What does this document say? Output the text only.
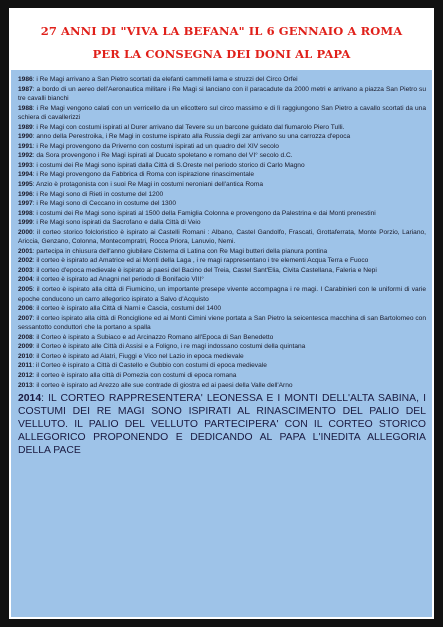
27 ANNI DI "VIVA LA BEFANA" IL 6 GENNAIO A ROMA
PER LA CONSEGNA DEI DONI AL PAPA

1986: i Re Magi arrivano a San Pietro scortati da elefanti cammelli lama e struzzi del Circo Orfei

1987: a bordo di un aereo dell'Aeronautica militare i Re Magi si lanciano con il paracadute da 2000 metri e arrivano a piazza San Pietro su tre cavalli bianchi

1988: i Re Magi vengono calati con un verricello da un elicottero sul circo massimo e di lì raggiungono San Pietro a cavallo scortati da una schiera di cavallerizzi

1989: i Re Magi con costumi ispirati al Durer arrivano dal Tevere su un barcone guidato dal fiumarolo Piero Tulli.

1990: anno della Perestroika, i Re Magi in costume ispirato alla Russia degli zar arrivano su una carrozza d'epoca

1991: i Re Magi provengono da Priverno con costumi ispirati ad un quadro del XIV secolo

1992: da Sora provengono i Re Magi ispirati al Ducato spoletano e romano del VI° secolo d.C.

1993: i costumi dei Re Magi sono ispirati dalla Città di S.Oreste nel periodo storico di Carlo Magno

1994: i Re Magi provengono da Fabbrica di Roma con ispirazione rinascimentale

1995: Anzio è protagonista con i suoi Re Magi in costumi neroniani dell'antica Roma

1996: i Re Magi sono di Rieti in costume del 1200

1997: i Re Magi sono di Ceccano in costume del 1300

1998: i costumi dei Re Magi sono ispirati al 1500 della Famiglia Colonna e provengono da Palestrina e dai Monti prenestini

1999: i Re Magi sono ispirati da Sacrofano e dalla Città di Veio

2000: il corteo storico folcloristico è ispirato ai Castelli Romani : Albano, Castel Gandolfo, Frascati, Grottaferrata, Monte Porzio, Lariano, Ariccia, Genzano, Colonna, Montecompratri, Rocca Priora, Lanuvio, Nemi.

2001: partecipa in chiusura dell'anno giubilare Cisterna di Latina con Re Magi butteri della pianura pontina

2002: il corteo è ispirato ad Amatrice ed ai Monti della Laga , i re magi rappresentano i tre elementi Acqua Terra e Fuoco

2003: il corteo d'epoca medievale è ispirato ai paesi del Bacino del Treia, Castel Sant'Elia, Civita Castellana, Faleria e Nepi

2004: il corteo è ispirato ad Anagni nel periodo di Bonifacio VIII°

2005: il corteo è ispirato alla città di Fiumicino, un importante presepe vivente accompagna i re magi. I Carabinieri con le uniformi di varie epoche conducono un carro allegorico ispirato a Salvo d'Acquisto

2006: il corteo è ispirato alla Città di Narni e Cascia, costumi del 1400

2007: il corteo ispirato alla città di Ronciglione ed ai Monti Cimini viene portata a San Pietro la seicentesca macchina di san Bartolomeo con sessantotto conduttori che la portano a spalla

2008: il Corteo è ispirato a Subiaco e ad Arcinazzo Romano all'Epoca di San Benedetto

2009: il Corteo è ispirato alle Città di Assisi e a Foligno, i re magi indossano costumi della quintana

2010: il Corteo è ispirato ad Alatri, Fiuggi e Vico nel Lazio in epoca medievale

2011: il Corteo è ispirato a Città di Castello e Gubbio con costumi di epoca medievale

2012: il corteo è ispirato alla città di Pomezia con costumi di epoca romana

2013: il corteo è ispirato ad Arezzo alle sue contrade di giostra ed ai paesi della Valle dell'Arno

2014: IL CORTEO RAPPRESENTERA' LEONESSA E I MONTI DELL'ALTA SABINA, I COSTUMI DEI RE MAGI SONO ISPIRATI AL RINASCIMENTO DEL PALIO DEL VELLUTO. IL PALIO DEL VELLUTO PARTECIPERA' CON IL CORTEO STORICO ALLEGORICO PROPONENDO E DEDICANDO AL PAPA L'INEDITA ALLEGORIA DELLA PACE
